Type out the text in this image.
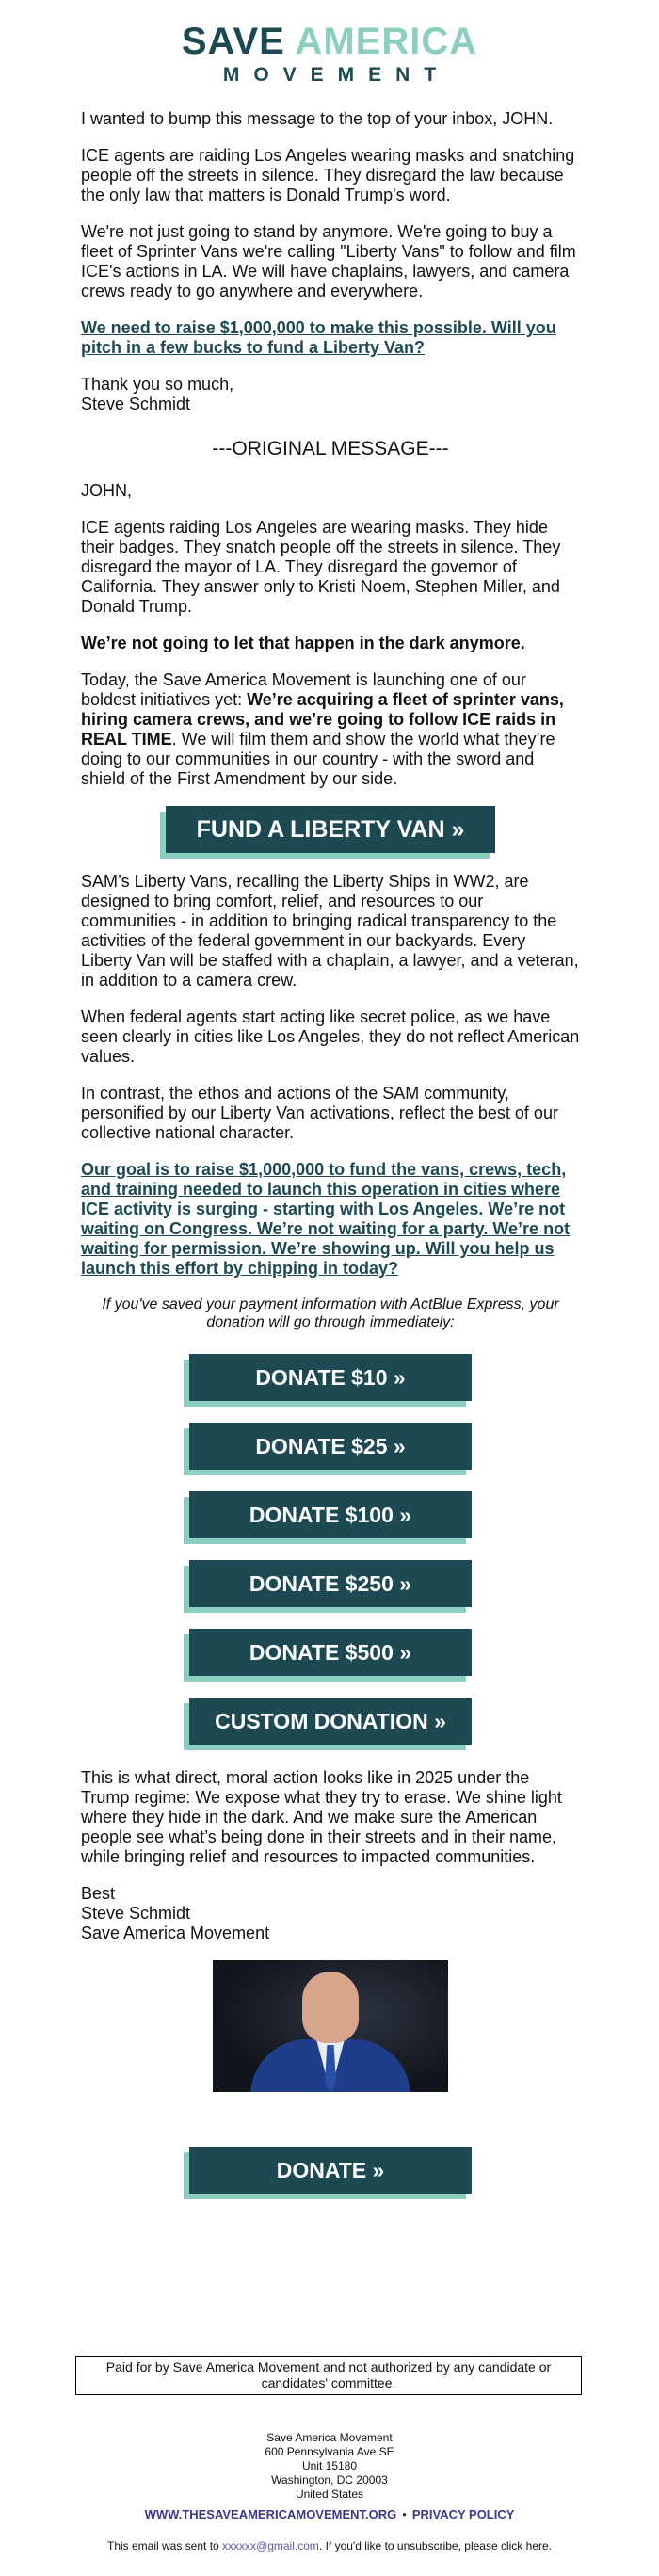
SAVE AMERICA
MOVEMENT

I wanted to bump this message to the top of your inbox, JOHN.

ICE agents are raiding Los Angeles wearing masks and snatching people off the streets in silence. They disregard the law because the only law that matters is Donald Trump's word.

We're not just going to stand by anymore. We're going to buy a fleet of Sprinter Vans we're calling "Liberty Vans" to follow and film ICE's actions in LA. We will have chaplains, lawyers, and camera crews ready to go anywhere and everywhere.

We need to raise $1,000,000 to make this possible. Will you pitch in a few bucks to fund a Liberty Van?

Thank you so much,
Steve Schmidt

---ORIGINAL MESSAGE---

JOHN,

ICE agents raiding Los Angeles are wearing masks. They hide their badges. They snatch people off the streets in silence. They disregard the mayor of LA. They disregard the governor of California. They answer only to Kristi Noem, Stephen Miller, and Donald Trump.

We’re not going to let that happen in the dark anymore.

Today, the Save America Movement is launching one of our boldest initiatives yet: We’re acquiring a fleet of sprinter vans, hiring camera crews, and we’re going to follow ICE raids in REAL TIME. We will film them and show the world what they’re doing to our communities in our country - with the sword and shield of the First Amendment by our side.

FUND A LIBERTY VAN »

SAM’s Liberty Vans, recalling the Liberty Ships in WW2, are designed to bring comfort, relief, and resources to our communities - in addition to bringing radical transparency to the activities of the federal government in our backyards. Every Liberty Van will be staffed with a chaplain, a lawyer, and a veteran, in addition to a camera crew.

When federal agents start acting like secret police, as we have seen clearly in cities like Los Angeles, they do not reflect American values.

In contrast, the ethos and actions of the SAM community, personified by our Liberty Van activations, reflect the best of our collective national character.

Our goal is to raise $1,000,000 to fund the vans, crews, tech, and training needed to launch this operation in cities where ICE activity is surging - starting with Los Angeles. We’re not waiting on Congress. We’re not waiting for a party. We’re not waiting for permission. We’re showing up. Will you help us launch this effort by chipping in today?

If you've saved your payment information with ActBlue Express, your donation will go through immediately:
DONATE $10 »
DONATE $25 »
DONATE $100 »
DONATE $250 »
DONATE $500 »
CUSTOM DONATION »

This is what direct, moral action looks like in 2025 under the Trump regime: We expose what they try to erase. We shine light where they hide in the dark. And we make sure the American people see what’s being done in their streets and in their name, while bringing relief and resources to impacted communities.

Best
Steve Schmidt
Save America Movement

DONATE »
Paid for by Save America Movement and not authorized by any candidate or candidates' committee.
Save America Movement
600 Pennsylvania Ave SE
Unit 15180
Washington, DC 20003
United States
WWW.THESAVEAMERICAMOVEMENT.ORG • PRIVACY POLICY
This email was sent to xxxxxx@gmail.com. If you'd like to unsubscribe, please click here.
